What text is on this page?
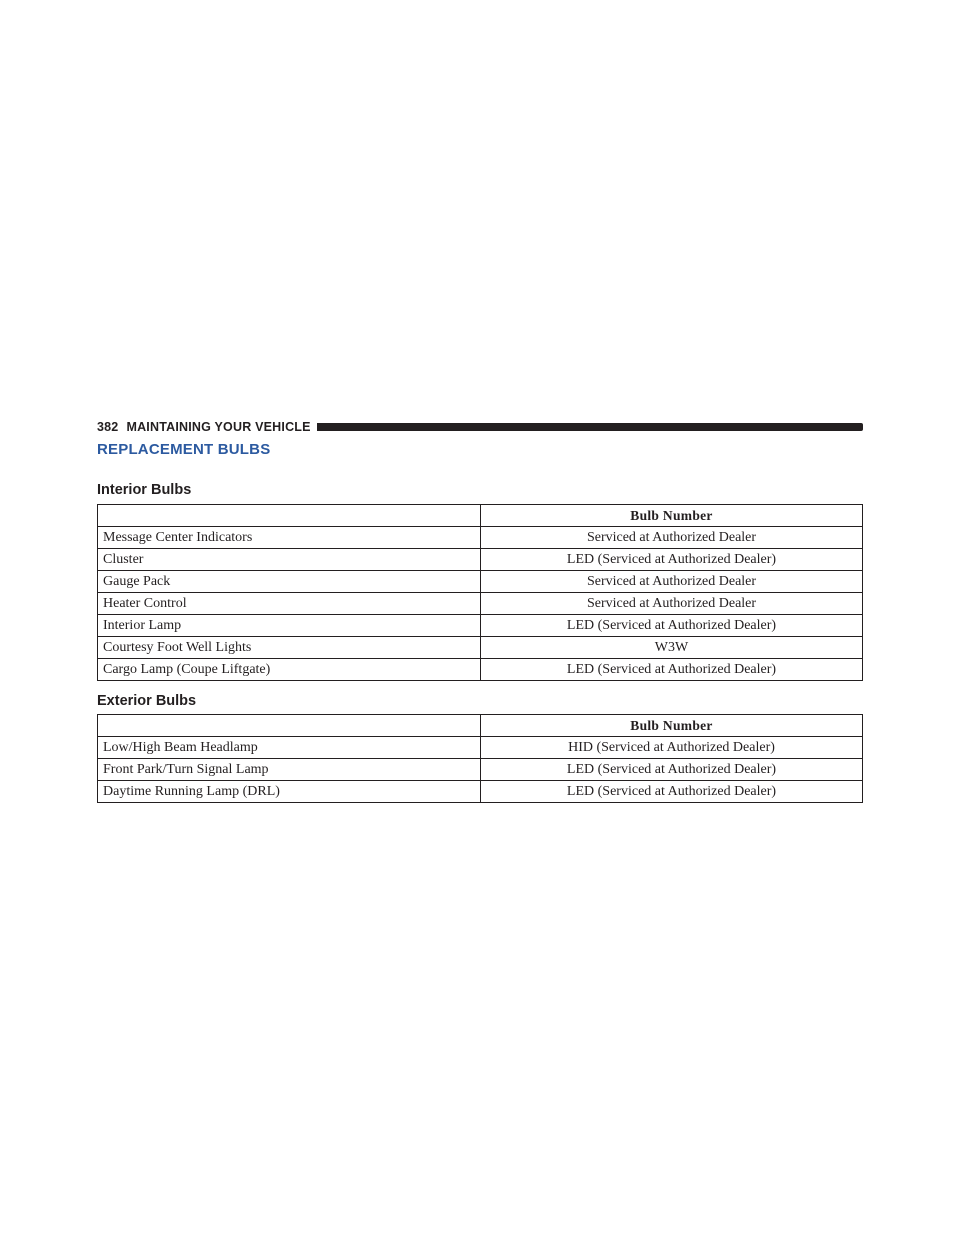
382 MAINTAINING YOUR VEHICLE
REPLACEMENT BULBS
Interior Bulbs
	Bulb Number
Message Center Indicators	Serviced at Authorized Dealer
Cluster	LED (Serviced at Authorized Dealer)
Gauge Pack	Serviced at Authorized Dealer
Heater Control	Serviced at Authorized Dealer
Interior Lamp	LED (Serviced at Authorized Dealer)
Courtesy Foot Well Lights	W3W
Cargo Lamp (Coupe Liftgate)	LED (Serviced at Authorized Dealer)
Exterior Bulbs
	Bulb Number
Low/High Beam Headlamp	HID (Serviced at Authorized Dealer)
Front Park/Turn Signal Lamp	LED (Serviced at Authorized Dealer)
Daytime Running Lamp (DRL)	LED (Serviced at Authorized Dealer)
